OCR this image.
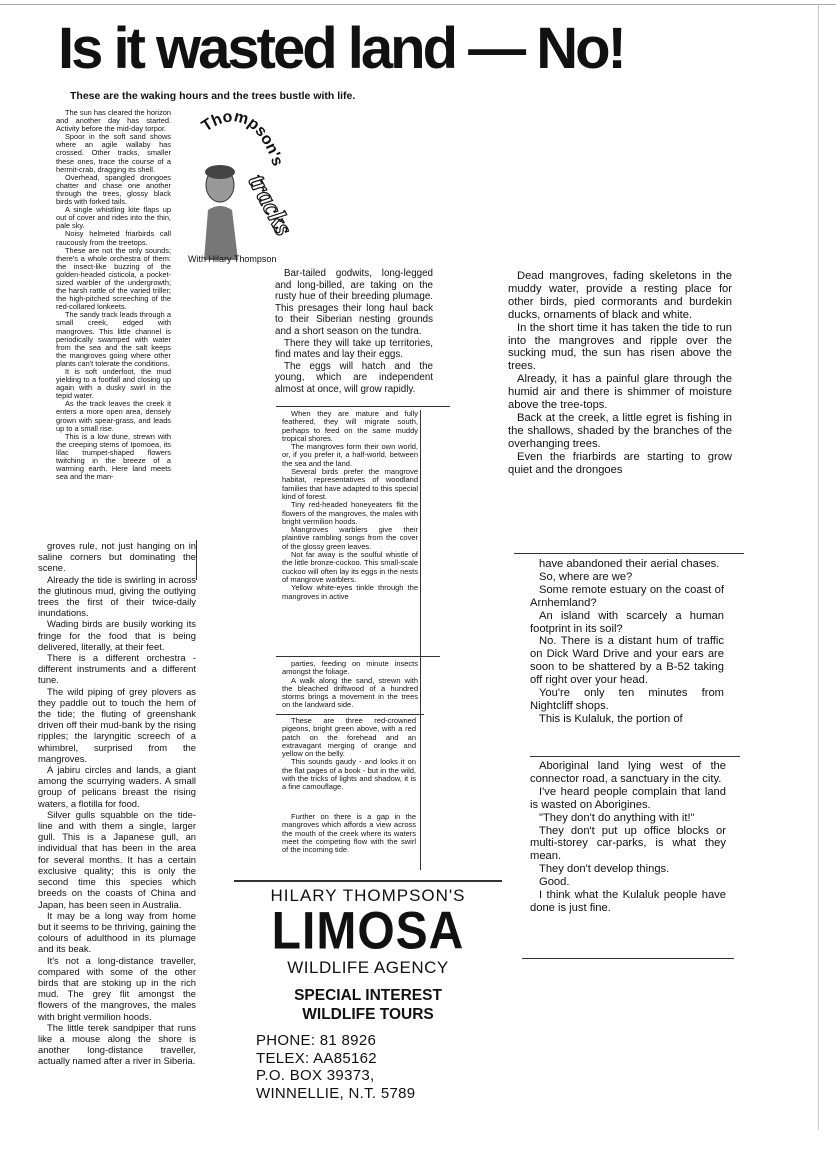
Is it wasted land — No!

These are the waking hours and the trees bustle with life.

The sun has cleared the horizon and another day has started. Activity before the mid-day torpor.

Spoor in the soft sand shows where an agile wallaby has crossed. Other tracks, smaller these ones, trace the course of a hermit-crab, dragging its shell.

Overhead, spangled drongoes chatter and chase one another through the trees, glossy black birds with forked tails.

A single whistling kite flaps up out of cover and rides into the thin, pale sky.

Noisy helmeted friarbirds call raucously from the treetops.

These are not the only sounds; there's a whole orchestra of them: the insect-like buzzing of the golden-headed cisticola, a pocket-sized warbler of the undergrowth; the harsh rattle of the varied triller; the high-pitched screeching of the red-collared lorikeets.

The sandy track leads through a small creek, edged with mangroves. This little channel is periodically swamped with water from the sea and the salt keeps the mangroves going where other plants can't tolerate the conditions.

It is soft underfoot, the mud yielding to a footfall and closing up again with a dusky swirl in the tepid water.

As the track leaves the creek it enters a more open area, densely grown with spear-grass, and leads up to a small rise.

This is a low dune, strewn with the creeping stems of Ipomoea, its lilac trumpet-shaped flowers twitching in the breeze of a warming earth. Here land meets sea and the man-

Thompson's
tracks

With Hilary Thompson

groves rule, not just hanging on in saline corners but dominating the scene.

Already the tide is swirling in across the glutinous mud, giving the outlying trees the first of their twice-daily inundations.

Wading birds are busily working its fringe for the food that is being delivered, literally, at their feet.

There is a different orchestra - different instruments and a different tune.

The wild piping of grey plovers as they paddle out to touch the hem of the tide; the fluting of greenshank driven off their mud-bank by the rising ripples; the laryngitic screech of a whimbrel, surprised from the mangroves.

A jabiru circles and lands, a giant among the scurrying waders. A small group of pelicans breast the rising waters, a flotilla for food.

Silver gulls squabble on the tide-line and with them a single, larger gull. This is a Japanese gull, an individual that has been in the area for several months. It has a certain exclusive quality; this is only the second time this species which breeds on the coasts of China and Japan, has been seen in Australia.

It may be a long way from home but it seems to be thriving, gaining the colours of adulthood in its plumage and its beak.

It's not a long-distance traveller, compared with some of the other birds that are stoking up in the rich mud. The grey flit amongst the flowers of the mangroves, the males with bright vermilion hoods.

The little terek sandpiper that runs like a mouse along the shore is another long-distance traveller, actually named after a river in Siberia.

Bar-tailed godwits, long-legged and long-billed, are taking on the rusty hue of their breeding plumage. This presages their long haul back to their Siberian nesting grounds and a short season on the tundra.

There they will take up territories, find mates and lay their eggs.

The eggs will hatch and the young, which are independent almost at once, will grow rapidly.

When they are mature and fully feathered, they will migrate south, perhaps to feed on the same muddy tropical shores.

The mangroves form their own world, or, if you prefer it, a half-world, between the sea and the land.

Several birds prefer the mangrove habitat, representatives of woodland families that have adapted to this special kind of forest.

Tiny red-headed honeyeaters flit the flowers of the mangroves, the males with bright vermilion hoods.

Mangroves warblers give their plaintive rambling songs from the cover of the glossy green leaves.

Not far away is the soulful whistle of the little bronze-cuckoo. This small-scale cuckoo will often lay its eggs in the nests of mangrove warblers.

Yellow white-eyes tinkle through the mangroves in active

parties, feeding on minute insects amongst the foliage.

A walk along the sand, strewn with the bleached driftwood of a hundred storms brings a movement in the trees on the landward side.

These are three red-crowned pigeons, bright green above, with a red patch on the forehead and an extravagant merging of orange and yellow on the belly.

This sounds gaudy - and looks it on the flat pages of a book - but in the wild, with the tricks of lights and shadow, it is a fine camouflage.

Further on there is a gap in the mangroves which affords a view across the mouth of the creek where its waters meet the competing flow with the swirl of the incoming tide.

Dead mangroves, fading skeletons in the muddy water, provide a resting place for other birds, pied cormorants and burdekin ducks, ornaments of black and white.

In the short time it has taken the tide to run into the mangroves and ripple over the sucking mud, the sun has risen above the trees.

Already, it has a painful glare through the humid air and there is shimmer of moisture above the tree-tops.

Back at the creek, a little egret is fishing in the shallows, shaded by the branches of the overhanging trees.

Even the friarbirds are starting to grow quiet and the drongoes

have abandoned their aerial chases.

So, where are we?

Some remote estuary on the coast of Arnhemland?

An island with scarcely a human footprint in its soil?

No. There is a distant hum of traffic on Dick Ward Drive and your ears are soon to be shattered by a B-52 taking off right over your head.

You're only ten minutes from Nightcliff shops.

This is Kulaluk, the portion of

Aboriginal land lying west of the connector road, a sanctuary in the city.

I've heard people complain that land is wasted on Aborigines.

"They don't do anything with it!"

They don't put up office blocks or multi-storey car-parks, is what they mean.

They don't develop things.

Good.

I think what the Kulaluk people have done is just fine.

HILARY THOMPSON'S

LIMOSA

WILDLIFE AGENCY

SPECIAL INTEREST

WILDLIFE TOURS

PHONE: 81 8926

TELEX: AA85162

P.O. BOX 39373,

WINNELLIE, N.T. 5789
